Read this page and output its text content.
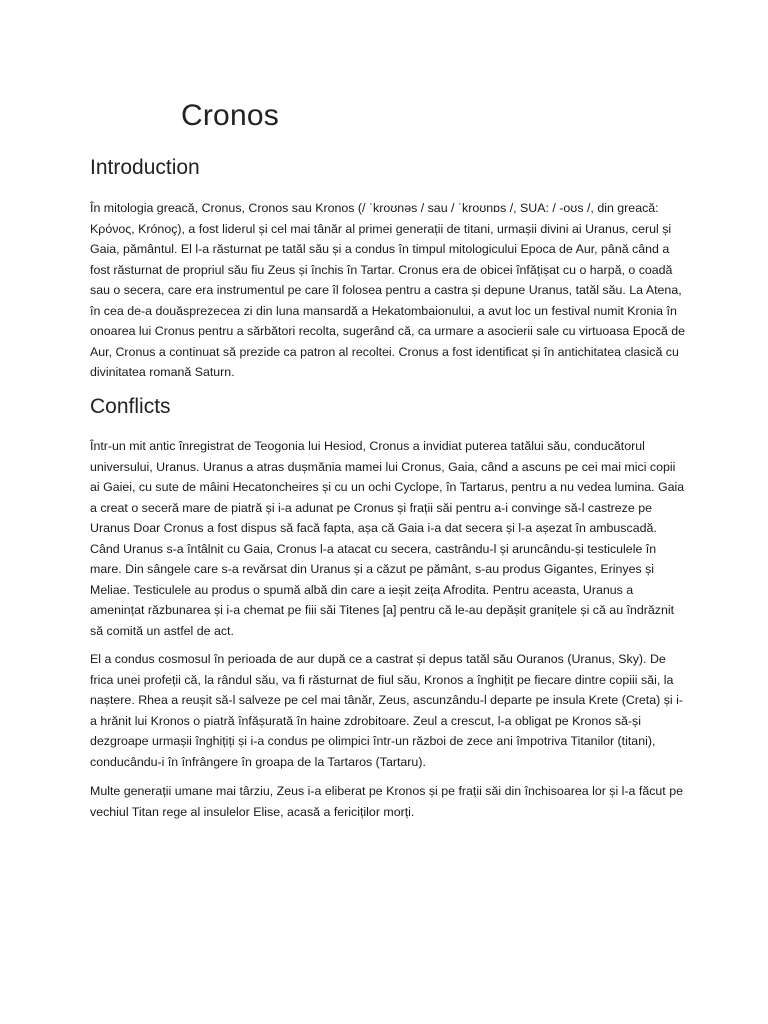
Cronos
Introduction

În mitologia greacă, Cronus, Cronos sau Kronos (/ ˈkroʊnəs / sau / ˈkroʊnɒs /, SUA: / -oʊs /, din greacă: Κρόνος, Krónoç), a fost liderul și cel mai tânăr al primei generații de titani, urmașii divini ai Uranus, cerul și Gaia, pământul. El l-a răsturnat pe tatăl său și a condus în timpul mitologicului Epoca de Aur, până când a fost răsturnat de propriul său fiu Zeus și închis în Tartar. Cronus era de obicei înfățișat cu o harpă, o coadă sau o secera, care era instrumentul pe care îl folosea pentru a castra și depune Uranus, tatăl său. La Atena, în cea de-a douăsprezecea zi din luna mansardă a Hekatombaionului, a avut loc un festival numit Kronia în onoarea lui Cronus pentru a sărbători recolta, sugerând că, ca urmare a asocierii sale cu virtuoasa Epocă de Aur, Cronus a continuat să prezide ca patron al recoltei. Cronus a fost identificat și în antichitatea clasică cu divinitatea romană Saturn.

Conflicts

Într-un mit antic înregistrat de Teogonia lui Hesiod, Cronus a invidiat puterea tatălui său, conducătorul universului, Uranus. Uranus a atras dușmănia mamei lui Cronus, Gaia, când a ascuns pe cei mai mici copii ai Gaiei, cu sute de mâini Hecatoncheires și cu un ochi Cyclope, în Tartarus, pentru a nu vedea lumina. Gaia a creat o seceră mare de piatră și i-a adunat pe Cronus și frații săi pentru a-i convinge să-l castreze pe Uranus Doar Cronus a fost dispus să facă fapta, așa că Gaia i-a dat secera și l-a așezat în ambuscadă. Când Uranus s-a întâlnit cu Gaia, Cronus l-a atacat cu secera, castrându-l și aruncându-și testiculele în mare. Din sângele care s-a revărsat din Uranus și a căzut pe pământ, s-au produs Gigantes, Erinyes și Meliae. Testiculele au produs o spumă albă din care a ieșit zeița Afrodita. Pentru aceasta, Uranus a amenințat răzbunarea și i-a chemat pe fiii săi Titenes [a] pentru că le-au depășit granițele și că au îndrăznit să comită un astfel de act.

El a condus cosmosul în perioada de aur după ce a castrat și depus tatăl său Ouranos (Uranus, Sky). De frica unei profeții că, la rândul său, va fi răsturnat de fiul său, Kronos a înghițit pe fiecare dintre copiii săi, la naștere. Rhea a reușit să-l salveze pe cel mai tânăr, Zeus, ascunzându-l departe pe insula Krete (Creta) și i-a hrănit lui Kronos o piatră înfășurată în haine zdrobitoare. Zeul a crescut, l-a obligat pe Kronos să-și dezgroape urmașii înghițiți și i-a condus pe olimpici într-un război de zece ani împotriva Titanilor (titani), conducându-i în înfrângere în groapa de la Tartaros (Tartaru).

Multe generații umane mai târziu, Zeus i-a eliberat pe Kronos și pe frații săi din închisoarea lor și l-a făcut pe vechiul Titan rege al insulelor Elise, acasă a fericiților morți.
